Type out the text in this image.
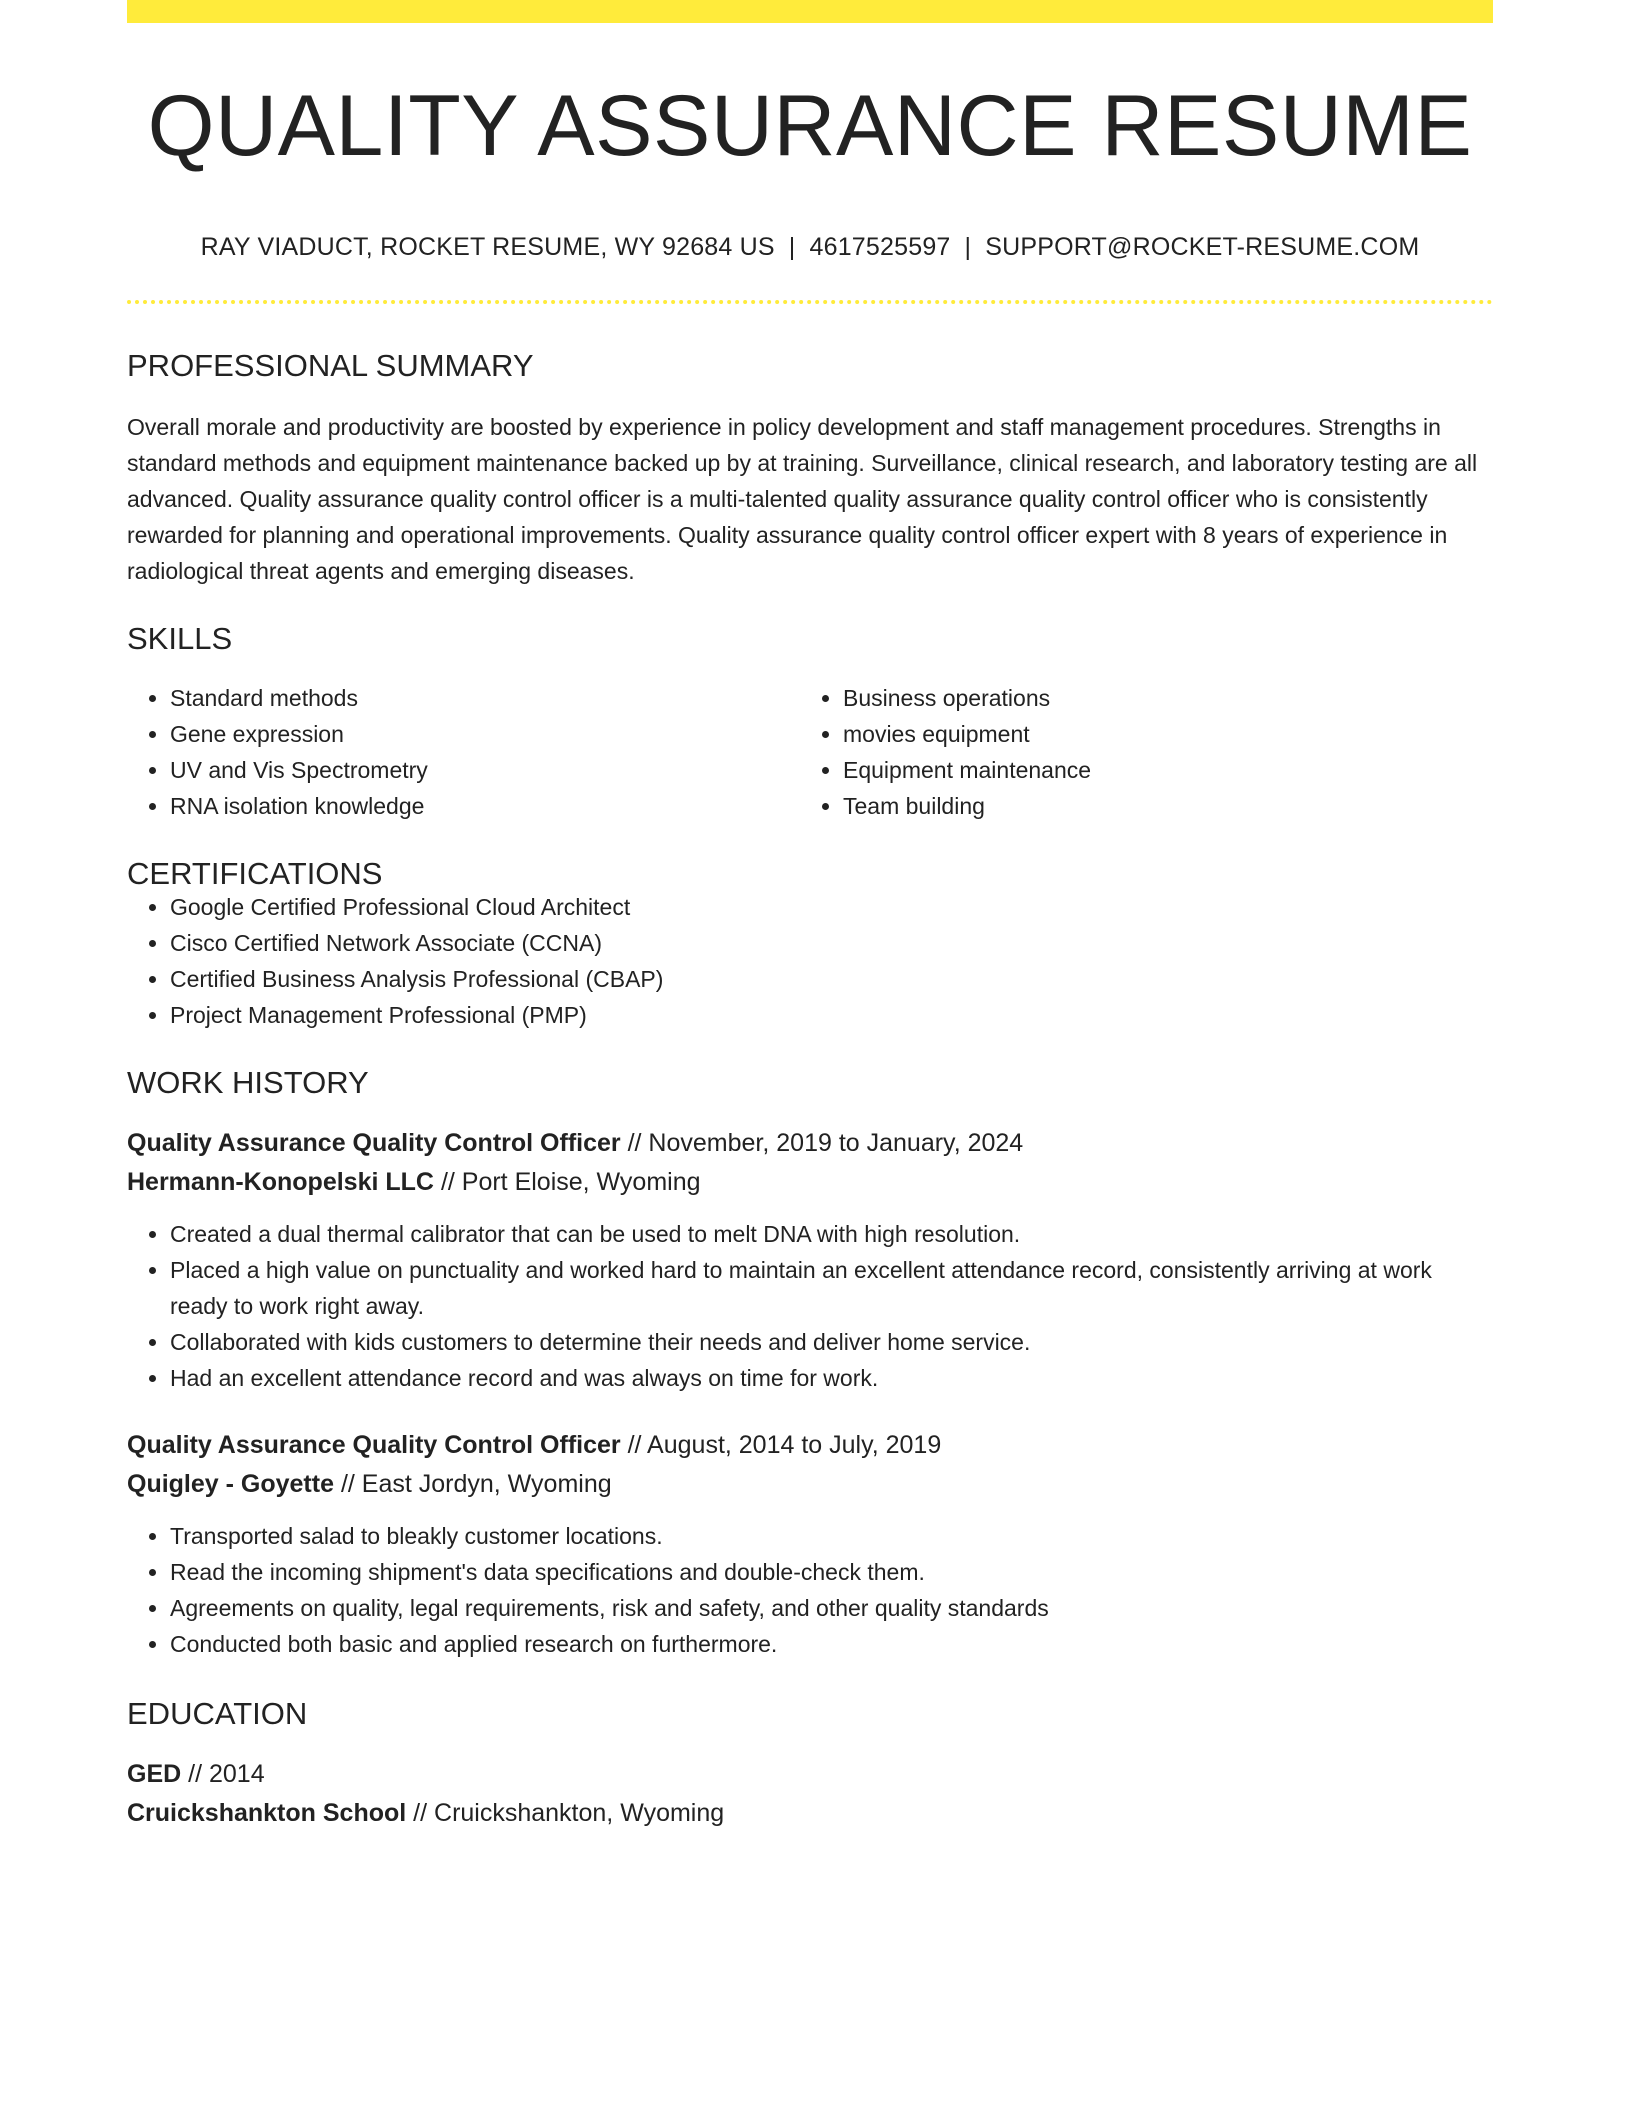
QUALITY ASSURANCE RESUME
RAY VIADUCT, ROCKET RESUME, WY 92684 US | 4617525597 | SUPPORT@ROCKET-RESUME.COM
PROFESSIONAL SUMMARY
Overall morale and productivity are boosted by experience in policy development and staff management procedures. Strengths in standard methods and equipment maintenance backed up by at training. Surveillance, clinical research, and laboratory testing are all advanced. Quality assurance quality control officer is a multi-talented quality assurance quality control officer who is consistently rewarded for planning and operational improvements. Quality assurance quality control officer expert with 8 years of experience in radiological threat agents and emerging diseases.
SKILLS
• Standard methods
• Gene expression
• UV and Vis Spectrometry
• RNA isolation knowledge
• Business operations
• movies equipment
• Equipment maintenance
• Team building
CERTIFICATIONS
• Google Certified Professional Cloud Architect
• Cisco Certified Network Associate (CCNA)
• Certified Business Analysis Professional (CBAP)
• Project Management Professional (PMP)
WORK HISTORY
Quality Assurance Quality Control Officer // November, 2019 to January, 2024
Hermann-Konopelski LLC // Port Eloise, Wyoming
• Created a dual thermal calibrator that can be used to melt DNA with high resolution.
• Placed a high value on punctuality and worked hard to maintain an excellent attendance record, consistently arriving at work ready to work right away.
• Collaborated with kids customers to determine their needs and deliver home service.
• Had an excellent attendance record and was always on time for work.
Quality Assurance Quality Control Officer // August, 2014 to July, 2019
Quigley - Goyette // East Jordyn, Wyoming
• Transported salad to bleakly customer locations.
• Read the incoming shipment's data specifications and double-check them.
• Agreements on quality, legal requirements, risk and safety, and other quality standards
• Conducted both basic and applied research on furthermore.
EDUCATION
GED // 2014
Cruickshankton School // Cruickshankton, Wyoming
